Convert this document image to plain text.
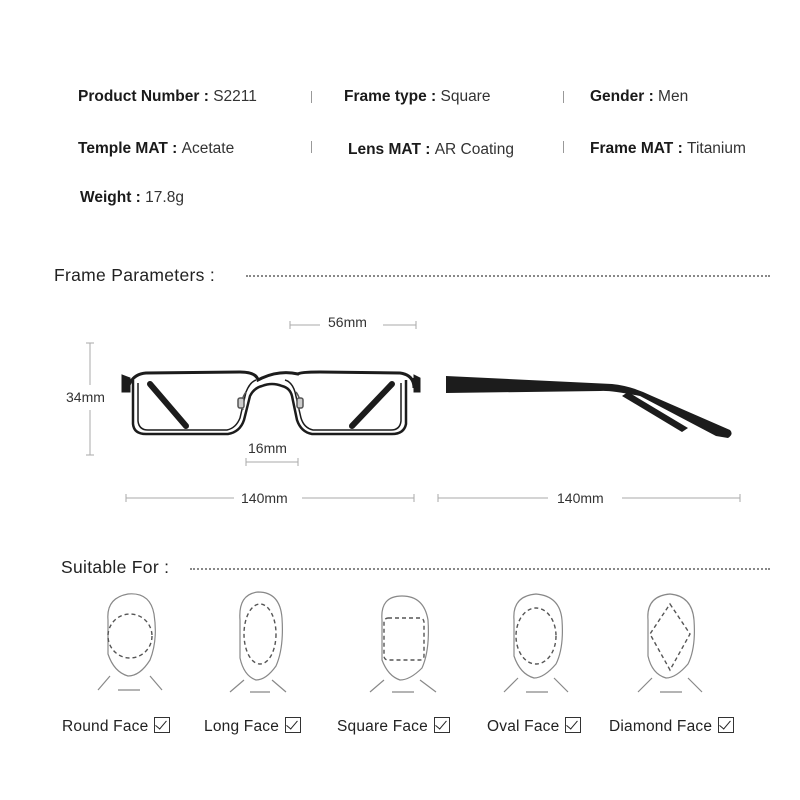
Product Number : S2211	Frame type : Square	Gender : Men
Temple MAT : Acetate	Lens MAT : AR Coating	Frame MAT : Titanium
Weight : 17.8g
Frame Parameters :
56mm
34mm
16mm
140mm	140mm
Suitable For :
Round Face	Long Face	Square Face	Oval Face	Diamond Face
